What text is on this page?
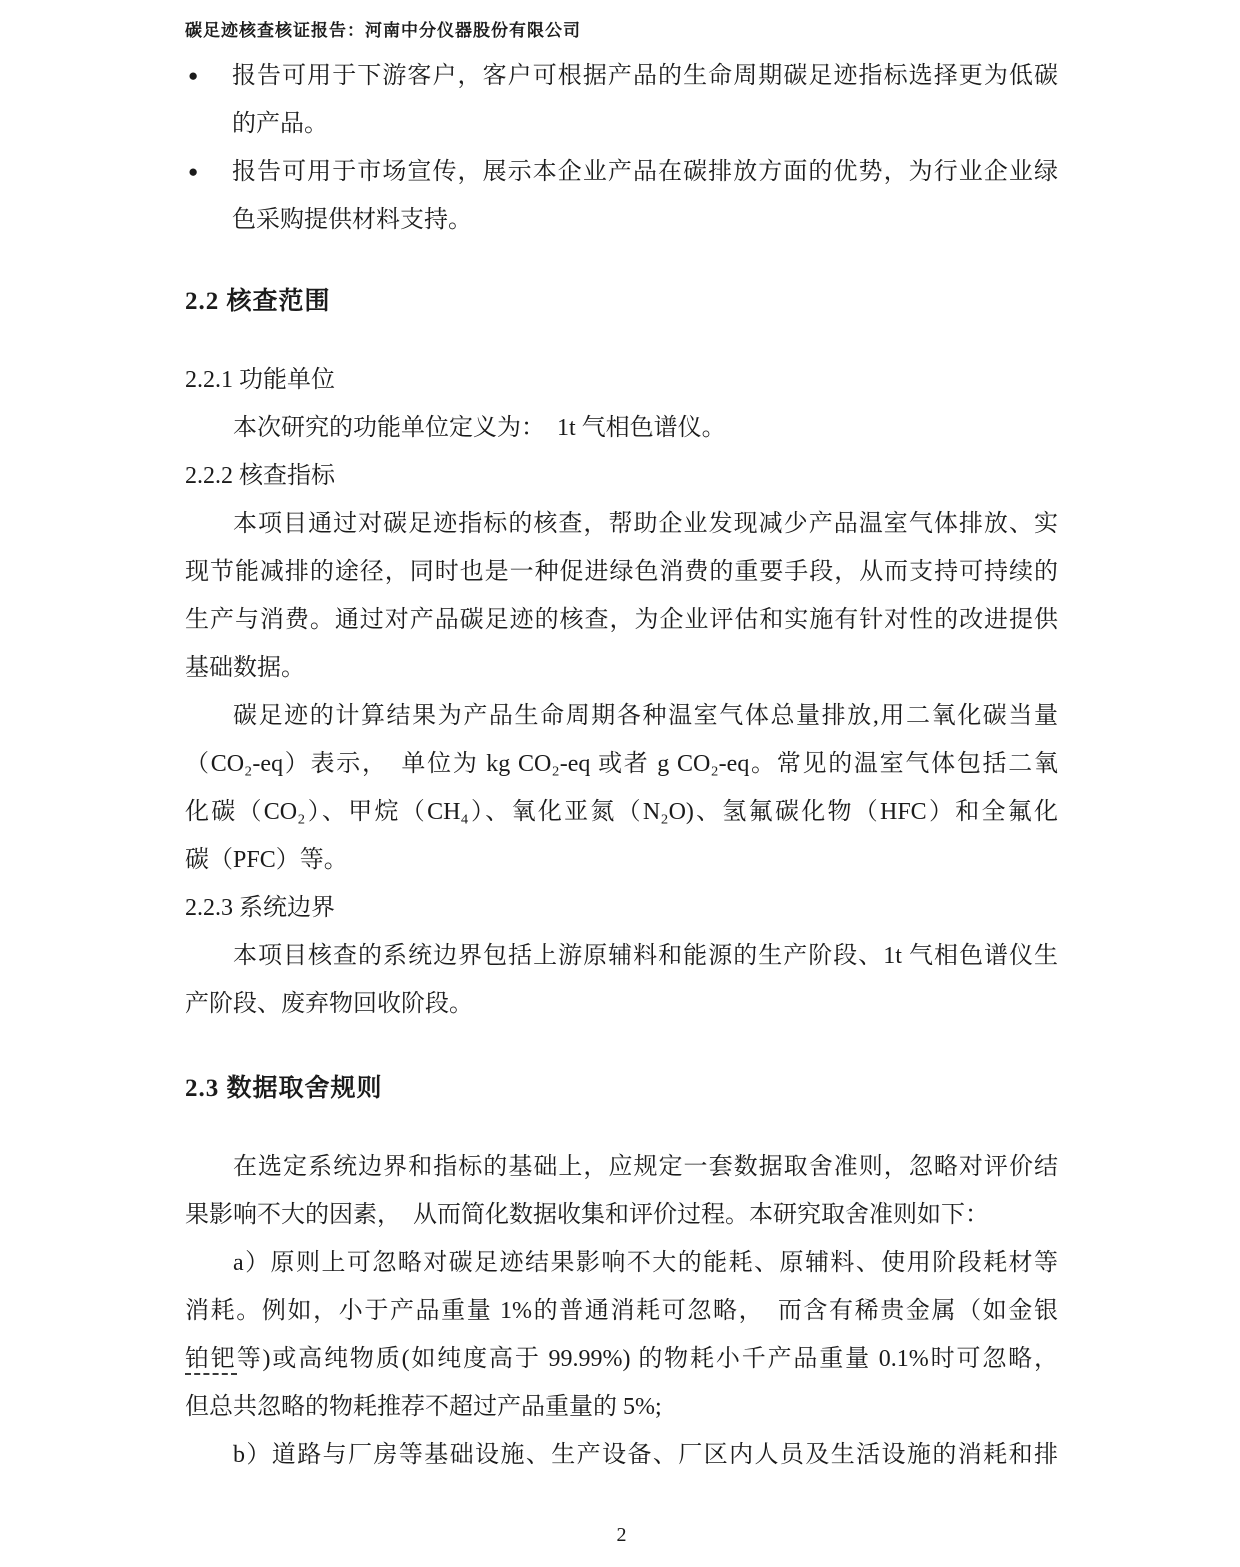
碳足迹核查核证报告：河南中分仪器股份有限公司
● 报告可用于下游客户，客户可根据产品的生命周期碳足迹指标选择更为低碳
的产品。
● 报告可用于市场宣传，展示本企业产品在碳排放方面的优势，为行业企业绿
色采购提供材料支持。
2.2 核查范围
2.2.1 功能单位
本次研究的功能单位定义为：　1t 气相色谱仪。
2.2.2 核查指标
本项目通过对碳足迹指标的核查，帮助企业发现减少产品温室气体排放、实
现节能减排的途径，同时也是一种促进绿色消费的重要手段，从而支持可持续的
生产与消费。通过对产品碳足迹的核查，为企业评估和实施有针对性的改进提供
基础数据。
碳足迹的计算结果为产品生命周期各种温室气体总量排放,用二氧化碳当量
（CO₂-eq）表示，　单位为 kg CO₂-eq 或者 g CO₂-eq。常见的温室气体包括二氧
化碳（CO₂）、甲烷（CH₄）、氧化亚氮（N₂O)、氢氟碳化物（HFC）和全氟化
碳（PFC）等。
2.2.3 系统边界
本项目核查的系统边界包括上游原辅料和能源的生产阶段、1t 气相色谱仪生
产阶段、废弃物回收阶段。
2.3 数据取舍规则
在选定系统边界和指标的基础上，应规定一套数据取舍准则，忽略对评价结
果影响不大的因素，　从而简化数据收集和评价过程。本研究取舍准则如下：
a）原则上可忽略对碳足迹结果影响不大的能耗、原辅料、使用阶段耗材等
消耗。例如，小于产品重量 1%的普通消耗可忽略，　而含有稀贵金属（如金银
铂钯等)或高纯物质(如纯度高于 99.99%) 的物耗小千产品重量 0.1%时可忽略，
但总共忽略的物耗推荐不超过产品重量的 5%;
b）道路与厂房等基础设施、生产设备、厂区内人员及生活设施的消耗和排
2
